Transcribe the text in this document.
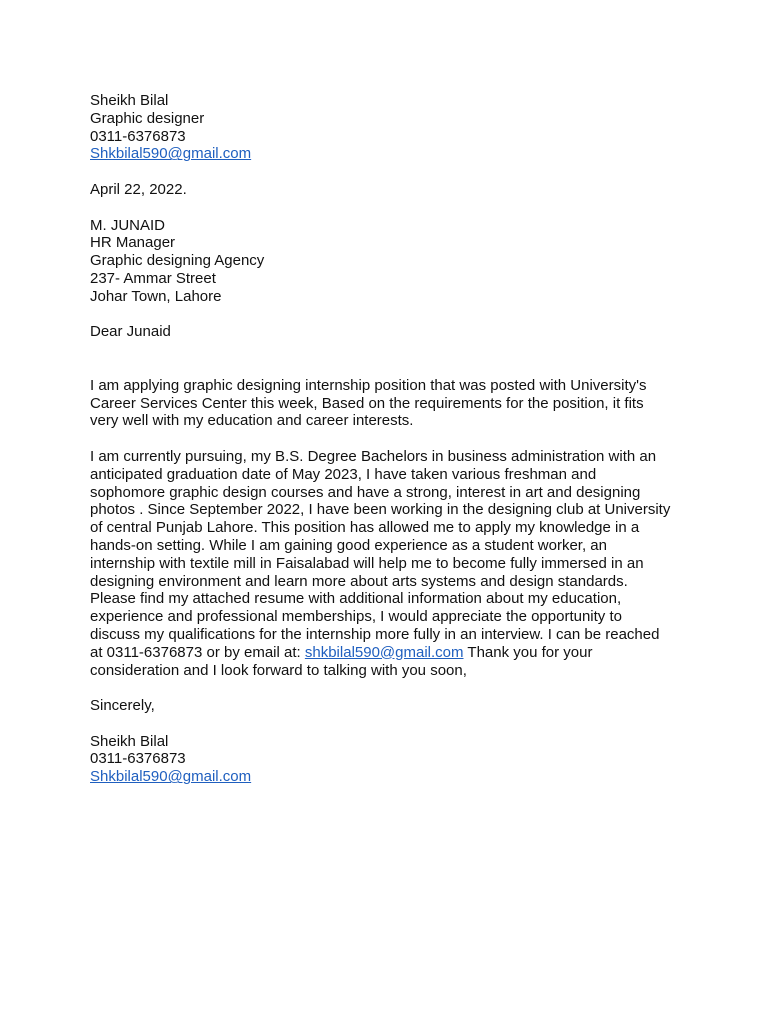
Sheikh Bilal
Graphic designer
0311-6376873
Shkbilal590@gmail.com
April 22, 2022.
M. JUNAID
HR Manager
Graphic designing Agency
237- Ammar Street
Johar Town, Lahore
Dear Junaid
I am applying graphic designing internship position that was posted with University's
Career Services Center this week, Based on the requirements for the position, it fits
very well with my education and career interests.
I am currently pursuing, my B.S. Degree Bachelors in business administration with an
anticipated graduation date of May 2023, I have taken various freshman and
sophomore graphic design courses and have a strong, interest in art and designing
photos . Since September 2022, I have been working in the designing club at University
of central Punjab Lahore. This position has allowed me to apply my knowledge in a
hands-on setting. While I am gaining good experience as a student worker, an
internship with textile mill in Faisalabad will help me to become fully immersed in an
designing environment and learn more about arts systems and design standards.
Please find my attached resume with additional information about my education,
experience and professional memberships, I would appreciate the opportunity to
discuss my qualifications for the internship more fully in an interview. I can be reached
at 0311-6376873 or by email at: shkbilal590@gmail.com Thank you for your
consideration and I look forward to talking with you soon,
Sincerely,
Sheikh Bilal
0311-6376873
Shkbilal590@gmail.com
